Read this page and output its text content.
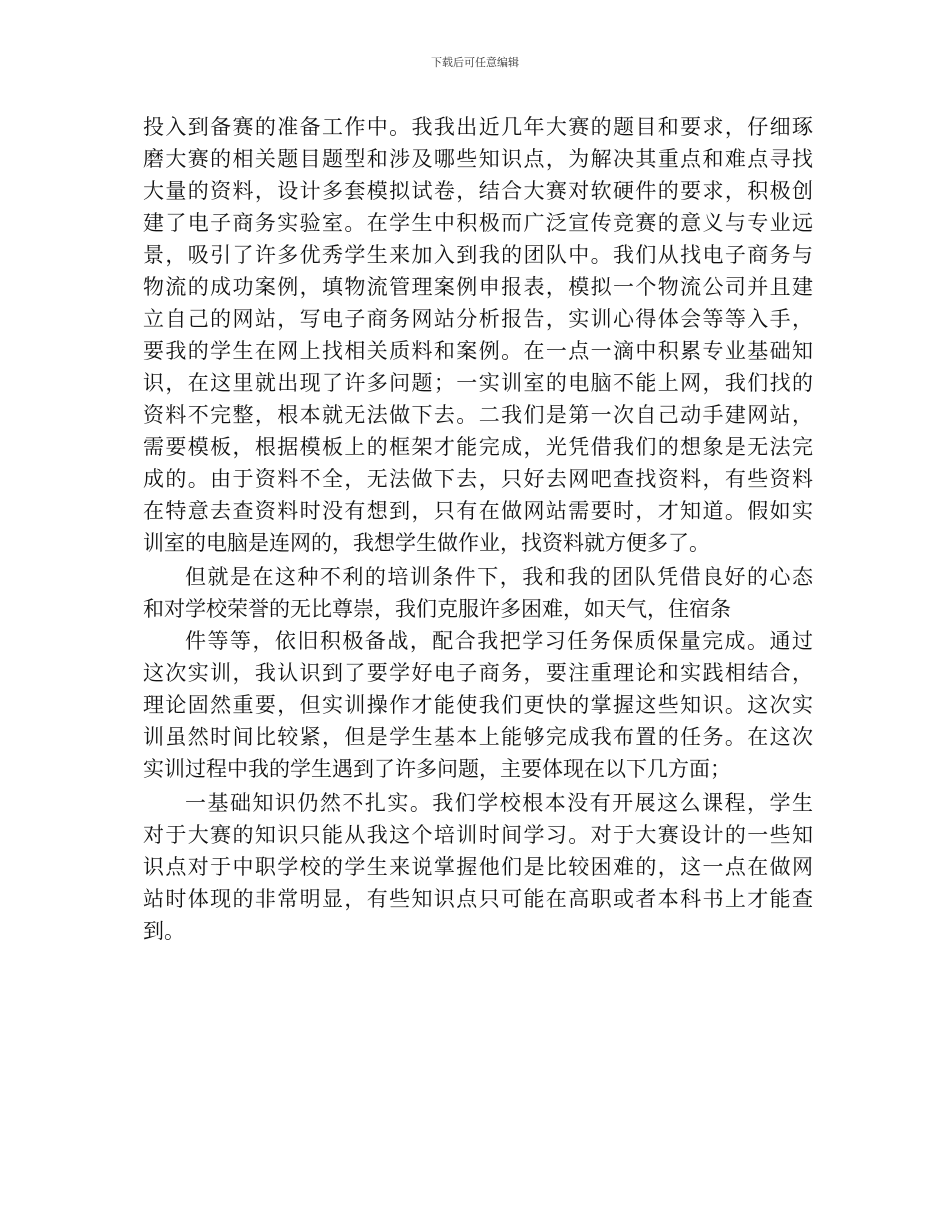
下载后可任意编辑
投入到备赛的准备工作中。我我出近几年大赛的题目和要求，仔细琢
磨大赛的相关题目题型和涉及哪些知识点，为解决其重点和难点寻找
大量的资料，设计多套模拟试卷，结合大赛对软硬件的要求，积极创
建了电子商务实验室。在学生中积极而广泛宣传竞赛的意义与专业远
景，吸引了许多优秀学生来加入到我的团队中。我们从找电子商务与
物流的成功案例，填物流管理案例申报表，模拟一个物流公司并且建
立自己的网站，写电子商务网站分析报告，实训心得体会等等入手，
要我的学生在网上找相关质料和案例。在一点一滴中积累专业基础知
识，在这里就出现了许多问题；一实训室的电脑不能上网，我们找的
资料不完整，根本就无法做下去。二我们是第一次自己动手建网站，
需要模板，根据模板上的框架才能完成，光凭借我们的想象是无法完
成的。由于资料不全，无法做下去，只好去网吧查找资料，有些资料
在特意去查资料时没有想到，只有在做网站需要时，才知道。假如实
训室的电脑是连网的，我想学生做作业，找资料就方便多了。
但就是在这种不利的培训条件下，我和我的团队凭借良好的心态
和对学校荣誉的无比尊崇，我们克服许多困难，如天气，住宿条
件等等，依旧积极备战，配合我把学习任务保质保量完成。通过
这次实训，我认识到了要学好电子商务，要注重理论和实践相结合，
理论固然重要，但实训操作才能使我们更快的掌握这些知识。这次实
训虽然时间比较紧，但是学生基本上能够完成我布置的任务。在这次
实训过程中我的学生遇到了许多问题，主要体现在以下几方面；
一基础知识仍然不扎实。我们学校根本没有开展这么课程，学生
对于大赛的知识只能从我这个培训时间学习。对于大赛设计的一些知
识点对于中职学校的学生来说掌握他们是比较困难的，这一点在做网
站时体现的非常明显，有些知识点只可能在高职或者本科书上才能查
到。
